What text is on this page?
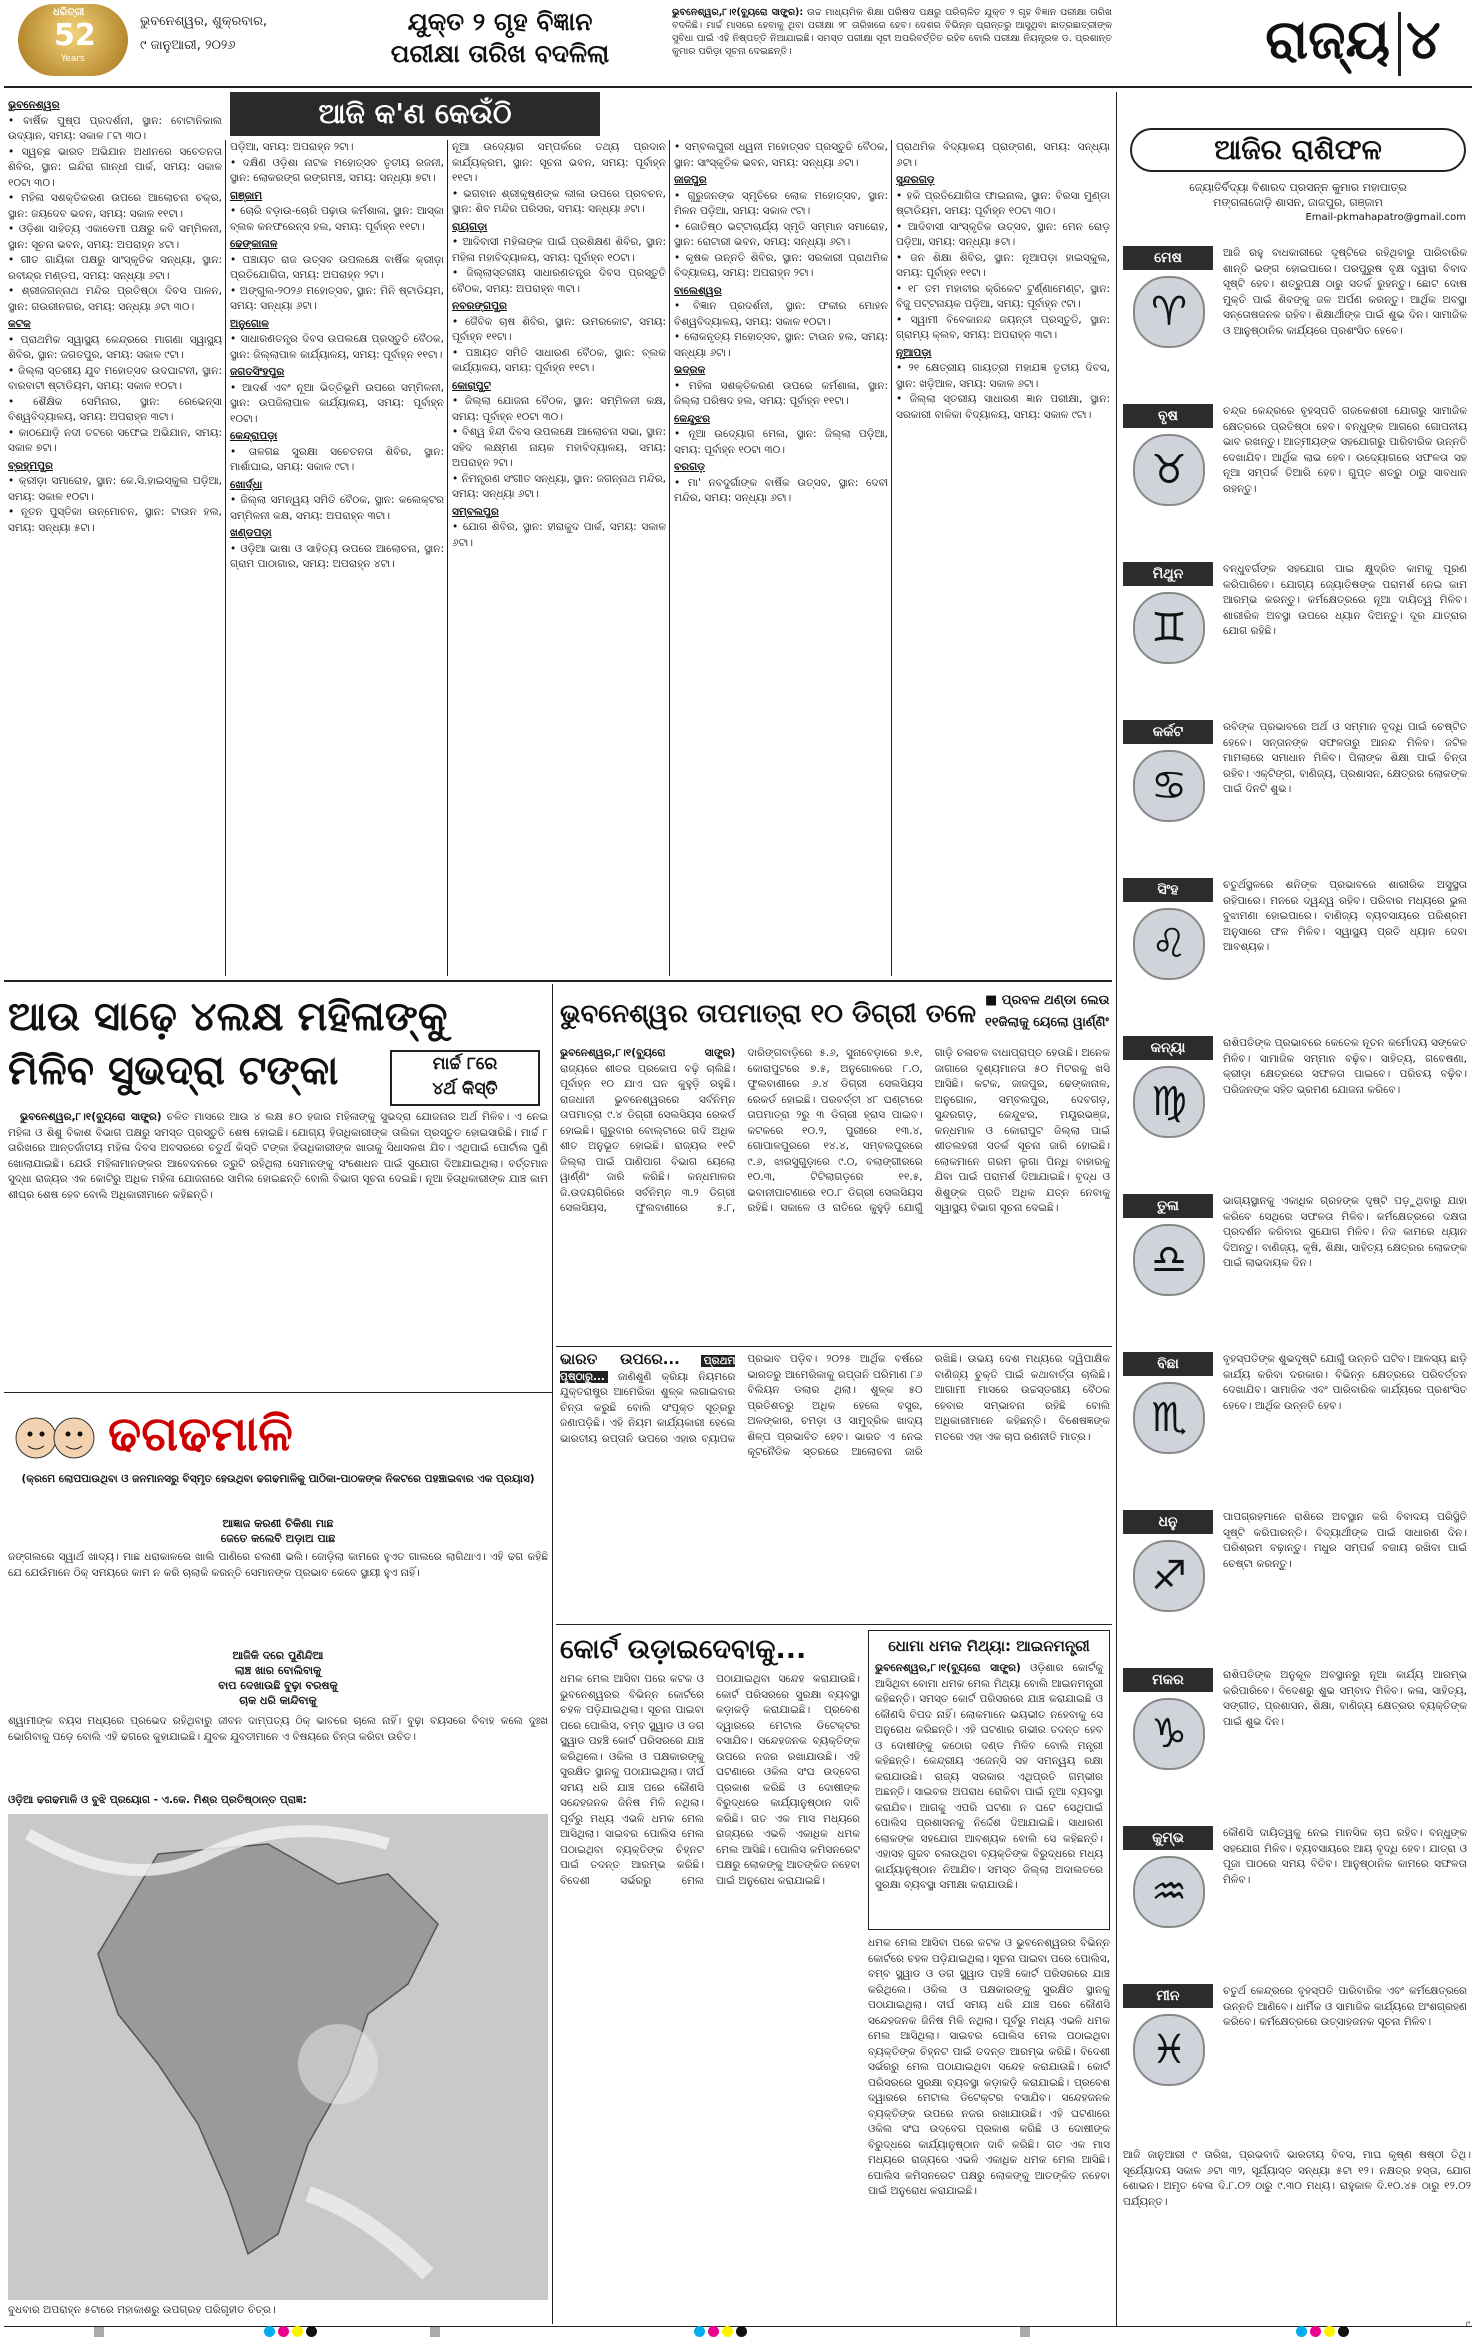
ଧରିତ୍ରୀ
52
Years
ଭୁବନେଶ୍ୱର, ଶୁକ୍ରବାର,
୯ ଜାନୁଆରୀ, ୨୦୨୬
ଯୁକ୍ତ ୨ ଗୃହ ବିଜ୍ଞାନ
ପରୀକ୍ଷା ତାରିଖ ବଦଳିଲା
ଭୁବନେଶ୍ୱର,୮।୧(ବ୍ୟୁରୋ ସାଙ୍କ୍ର): ଉଚ୍ଚ ମାଧ୍ୟମିକ ଶିକ୍ଷା ପରିଷଦ ପକ୍ଷରୁ ପରିଚାଳିତ ଯୁକ୍ତ ୨ ଗୃହ ବିଜ୍ଞାନ ପରୀକ୍ଷା ତାରିଖ ବଦଳିଛି। ମାର୍ଚ୍ଚ ମାସରେ ହେବାକୁ ଥିବା ପରୀକ୍ଷା ୨୮ ତାରିଖରେ ହେବ। ଦେଶର ବିଭିନ୍ନ ପ୍ରାନ୍ତରୁ ଆସୁଥିବା ଛାତ୍ରଛାତ୍ରୀଙ୍କ ସୁବିଧା ପାଇଁ ଏହି ନିଷ୍ପତ୍ତି ନିଆଯାଇଛି। ସମସ୍ତ ପରୀକ୍ଷା ସୂଚୀ ଅପରିବର୍ତ୍ତିତ ରହିବ ବୋଲି ପରୀକ୍ଷା ନିୟନ୍ତ୍ରକ ଡ. ପ୍ରଶାନ୍ତ କୁମାର ପରିଡ଼ା ସୂଚନା ଦେଇଛନ୍ତି।	ରାଜ୍ୟ ୪
ଆଜି କ'ଣ କେଉଁଠି
ଭୁବନେଶ୍ୱର
• ବାର୍ଷିକ ପୁଷ୍ପ ପ୍ରଦର୍ଶନୀ, ସ୍ଥାନ: ବୋଟାନିକାଲ ଉଦ୍ୟାନ, ସମୟ: ସକାଳ ୮ଟା ୩୦।
• ସ୍ୱଚ୍ଛ ଭାରତ ଅଭିଯାନ ଅଧୀନରେ ସଚେତନତା ଶିବିର, ସ୍ଥାନ: ଇନ୍ଦିରା ଗାନ୍ଧୀ ପାର୍କ, ସମୟ: ସକାଳ ୧୦ଟା ୩୦।
• ମହିଳା ସଶକ୍ତିକରଣ ଉପରେ ଆଲୋଚନା ଚକ୍ର, ସ୍ଥାନ: ଜୟଦେବ ଭବନ, ସମୟ: ସକାଳ ୧୧ଟା।
• ଓଡ଼ିଶା ସାହିତ୍ୟ ଏକାଡେମୀ ପକ୍ଷରୁ କବି ସମ୍ମିଳନୀ, ସ୍ଥାନ: ସୂଚନା ଭବନ, ସମୟ: ଅପରାହ୍ନ ୪ଟା।
• ଗୀତ ଗାୟିକା ପକ୍ଷରୁ ସାଂସ୍କୃତିକ ସନ୍ଧ୍ୟା, ସ୍ଥାନ: ରବୀନ୍ଦ୍ର ମଣ୍ଡପ, ସମୟ: ସନ୍ଧ୍ୟା ୬ଟା।
• ଶ୍ରୀଜଗନ୍ନାଥ ମନ୍ଦିର ପ୍ରତିଷ୍ଠା ଦିବସ ପାଳନ, ସ୍ଥାନ: ଗଉରୀନଗର, ସମୟ: ସନ୍ଧ୍ୟା ୬ଟା ୩୦।
କଟକ
• ପ୍ରାଥମିକ ସ୍ୱାସ୍ଥ୍ୟ କେନ୍ଦ୍ରରେ ମାଗଣା ସ୍ୱାସ୍ଥ୍ୟ ଶିବିର, ସ୍ଥାନ: ଜଗତପୁର, ସମୟ: ସକାଳ ୯ଟା।
• ଜିଲ୍ଲା ସ୍ତରୀୟ ଯୁବ ମହୋତ୍ସବ ଉଦଘାଟନୀ, ସ୍ଥାନ: ବାରବାଟୀ ଷ୍ଟାଡିୟମ, ସମୟ: ସକାଳ ୧୦ଟା।
• ଶୈକ୍ଷିକ ସେମିନାର, ସ୍ଥାନ: ରେଭେନ୍ସା ବିଶ୍ୱବିଦ୍ୟାଳୟ, ସମୟ: ଅପରାହ୍ନ ୩ଟା।
• କାଠଯୋଡ଼ି ନଦୀ ତଟରେ ସଫେଇ ଅଭିଯାନ, ସମୟ: ସକାଳ ୭ଟା।
ବ୍ରହ୍ମପୁର
• କ୍ରୀଡ଼ା ସମାରୋହ, ସ୍ଥାନ: କେ.ସି.ହାଇସ୍କୁଲ ପଡ଼ିଆ, ସମୟ: ସକାଳ ୧୦ଟା।
• ନୂତନ ପୁସ୍ତିକା ଉନ୍ମୋଚନ, ସ୍ଥାନ: ଟାଉନ ହଲ, ସମୟ: ସନ୍ଧ୍ୟା ୫ଟା।
ପଡ଼ିଆ, ସମୟ: ଅପରାହ୍ନ ୨ଟା।
• ଦକ୍ଷିଣ ଓଡ଼ିଶା ନାଟକ ମହୋତ୍ସବ ତୃତୀୟ ରଜନୀ, ସ୍ଥାନ: ଲୋକରଙ୍ଗ ରଙ୍ଗମଞ୍ଚ, ସମୟ: ସନ୍ଧ୍ୟା ୭ଟା।
ଗଞ୍ଜାମ
• ଚୋରି ବଡ଼ାଉ-ଚୋରି ପଢ଼ାଉ କର୍ମଶାଳା, ସ୍ଥାନ: ଆସ୍କା ବ୍ଲକ କନଫରେନ୍ସ ହଲ, ସମୟ: ପୂର୍ବାହ୍ନ ୧୧ଟା।
ଢେଙ୍କାନାଳ
• ପଞ୍ଚାୟତ ରାଜ ଉତ୍ସବ ଉପଲକ୍ଷେ ବାର୍ଷିକ କ୍ରୀଡ଼ା ପ୍ରତିଯୋଗିତା, ସମୟ: ଅପରାହ୍ନ ୨ଟା।
• ଅଙ୍ଗୁଲ-୨୦୨୬ ମହୋତ୍ସବ, ସ୍ଥାନ: ମିନି ଷ୍ଟାଡିୟମ, ସମୟ: ସନ୍ଧ୍ୟା ୬ଟା।
ଅନୁଗୋଳ
• ସାଧାରଣତନ୍ତ୍ର ଦିବସ ଉପଲକ୍ଷେ ପ୍ରସ୍ତୁତି ବୈଠକ, ସ୍ଥାନ: ଜିଲ୍ଲାପାଳ କାର୍ଯ୍ୟାଳୟ, ସମୟ: ପୂର୍ବାହ୍ନ ୧୧ଟା।
ଜଗତସିଂହପୁର
• ଆଦର୍ଶ ଏବଂ ନୂଆ ଭିତ୍ତିଭୂମି ଉପରେ ସମ୍ମିଳନୀ, ସ୍ଥାନ: ଉପଜିଲାପାଳ କାର୍ଯ୍ୟାଳୟ, ସମୟ: ପୂର୍ବାହ୍ନ ୧୦ଟା।
କେନ୍ଦ୍ରାପଡ଼ା
• ତାଳଗଛ ସୁରକ୍ଷା ସଚେତନତା ଶିବିର, ସ୍ଥାନ: ମାର୍ଶାଘାଇ, ସମୟ: ସକାଳ ୯ଟା।
ଖୋର୍ଦ୍ଧା
• ଜିଲ୍ଲା ସମନ୍ୱୟ ସମିତି ବୈଠକ, ସ୍ଥାନ: କଲେକ୍ଟର ସମ୍ମିଳନୀ କକ୍ଷ, ସମୟ: ଅପରାହ୍ନ ୩ଟା।
ଖଣ୍ଡପଡ଼ା
• ଓଡ଼ିଆ ଭାଷା ଓ ସାହିତ୍ୟ ଉପରେ ଆଲୋଚନା, ସ୍ଥାନ: ଗ୍ରାମ ପାଠାଗାର, ସମୟ: ଅପରାହ୍ନ ୪ଟା।
ନୂଆ ଉଦ୍ୟୋଗ ସମ୍ପର୍କରେ ତଥ୍ୟ ପ୍ରଦାନ କାର୍ଯ୍ୟକ୍ରମ, ସ୍ଥାନ: ସୂଚନା ଭବନ, ସମୟ: ପୂର୍ବାହ୍ନ ୧୧ଟା।
• ଭଗବାନ ଶ୍ରୀକୃଷ୍ଣଙ୍କ ଲୀଳା ଉପରେ ପ୍ରବଚନ, ସ୍ଥାନ: ଶିବ ମନ୍ଦିର ପରିସର, ସମୟ: ସନ୍ଧ୍ୟା ୬ଟା।
ରାୟଗଡ଼ା
• ଆଦିବାସୀ ମହିଳାଙ୍କ ପାଇଁ ପ୍ରଶିକ୍ଷଣ ଶିବିର, ସ୍ଥାନ: ମହିଳା ମହାବିଦ୍ୟାଳୟ, ସମୟ: ପୂର୍ବାହ୍ନ ୧୦ଟା।
• ଜିଲ୍ଲାସ୍ତରୀୟ ସାଧାରଣତନ୍ତ୍ର ଦିବସ ପ୍ରସ୍ତୁତି ବୈଠକ, ସମୟ: ଅପରାହ୍ନ ୩ଟା।
ନବରଙ୍ଗପୁର
• ଜୈବିକ ଚାଷ ଶିବିର, ସ୍ଥାନ: ଉମରକୋଟ, ସମୟ: ପୂର୍ବାହ୍ନ ୧୧ଟା।
• ପଞ୍ଚାୟତ ସମିତି ସାଧାରଣ ବୈଠକ, ସ୍ଥାନ: ବ୍ଲକ କାର୍ଯ୍ୟାଳୟ, ସମୟ: ପୂର୍ବାହ୍ନ ୧୧ଟା।
କୋରାପୁଟ
• ଜିଲ୍ଲା ଯୋଜନା ବୈଠକ, ସ୍ଥାନ: ସମ୍ମିଳନୀ କକ୍ଷ, ସମୟ: ପୂର୍ବାହ୍ନ ୧୦ଟା ୩୦।
• ବିଶ୍ୱ ହିନ୍ଦୀ ଦିବସ ଉପଲକ୍ଷେ ଆଲୋଚନା ସଭା, ସ୍ଥାନ: ସହିଦ ଲକ୍ଷ୍ମଣ ନାୟକ ମହାବିଦ୍ୟାଳୟ, ସମୟ: ଅପରାହ୍ନ ୨ଟା।
• ନିମନ୍ତ୍ରଣ ସଂଗୀତ ସନ୍ଧ୍ୟା, ସ୍ଥାନ: ଜଗନ୍ନାଥ ମନ୍ଦିର, ସମୟ: ସନ୍ଧ୍ୟା ୬ଟା।
ସମ୍ବଲପୁର
• ଯୋଗ ଶିବିର, ସ୍ଥାନ: ହୀରାକୁଦ ପାର୍କ, ସମୟ: ସକାଳ ୬ଟା।
• ସମ୍ବଲପୁରୀ ଧ୍ୱନୀ ମହୋତ୍ସବ ପ୍ରସ୍ତୁତି ବୈଠକ, ସ୍ଥାନ: ସାଂସ୍କୃତିକ ଭବନ, ସମୟ: ସନ୍ଧ୍ୟା ୬ଟା।
ଜାଜପୁର
• ଗୁରୁଜନଙ୍କ ସ୍ମୃତିରେ ଲୋକ ମହୋତ୍ସବ, ସ୍ଥାନ: ମିଳନ ପଡ଼ିଆ, ସମୟ: ସକାଳ ୯ଟା।
• ଜୋତିଷ୍ଠ ଭଟ୍ଟାଚାର୍ଯ୍ୟ ସ୍ମୃତି ସମ୍ମାନ ସମାରୋହ, ସ୍ଥାନ: ରୋଟାରୀ ଭବନ, ସମୟ: ସନ୍ଧ୍ୟା ୬ଟା।
• କୃଷକ ଉନ୍ନତି ଶିବିର, ସ୍ଥାନ: ସରକାରୀ ପ୍ରାଥମିକ ବିଦ୍ୟାଳୟ, ସମୟ: ଅପରାହ୍ନ ୨ଟା।
ବାଲେଶ୍ୱର
• ବିଜ୍ଞାନ ପ୍ରଦର୍ଶନୀ, ସ୍ଥାନ: ଫକୀର ମୋହନ ବିଶ୍ୱବିଦ୍ୟାଳୟ, ସମୟ: ସକାଳ ୧୦ଟା।
• ଲୋକନୃତ୍ୟ ମହୋତ୍ସବ, ସ୍ଥାନ: ଟାଉନ ହଲ, ସମୟ: ସନ୍ଧ୍ୟା ୬ଟା।
ଭଦ୍ରକ
• ମହିଳା ସଶକ୍ତିକରଣ ଉପରେ କର୍ମଶାଳା, ସ୍ଥାନ: ଜିଲ୍ଲା ପରିଷଦ ହଲ, ସମୟ: ପୂର୍ବାହ୍ନ ୧୧ଟା।
କେନ୍ଦୁଝର
• ନୂଆ ଉଦ୍ୟୋଗ ମେଳା, ସ୍ଥାନ: ଜିଲ୍ଲା ପଡ଼ିଆ, ସମୟ: ପୂର୍ବାହ୍ନ ୧୦ଟା ୩୦।
ବରଗଡ଼
• ମା' ନବଦୁର୍ଗାଙ୍କ ବାର୍ଷିକ ଉତ୍ସବ, ସ୍ଥାନ: ଦେବୀ ମନ୍ଦିର, ସମୟ: ସନ୍ଧ୍ୟା ୬ଟା।
ପ୍ରାଥମିକ ବିଦ୍ୟାଳୟ ପ୍ରାଙ୍ଗଣ, ସମୟ: ସନ୍ଧ୍ୟା ୬ଟା।
ସୁନ୍ଦରଗଡ଼
• ହକି ପ୍ରତିଯୋଗିତା ଫାଇନାଲ, ସ୍ଥାନ: ବିରସା ମୁଣ୍ଡା ଷ୍ଟାଡିୟମ, ସମୟ: ପୂର୍ବାହ୍ନ ୧୦ଟା ୩୦।
• ଆଦିବାସୀ ସାଂସ୍କୃତିକ ଉତ୍ସବ, ସ୍ଥାନ: ମେନ ରୋଡ଼ ପଡ଼ିଆ, ସମୟ: ସନ୍ଧ୍ୟା ୫ଟା।
• ଜନ ଶିକ୍ଷା ଶିବିର, ସ୍ଥାନ: ନୂଆପଡ଼ା ହାଇସ୍କୁଲ, ସମୟ: ପୂର୍ବାହ୍ନ ୧୧ଟା।
• ୧୮ ତମ ମହାବୀର କ୍ରିକେଟ ଟୁର୍ଣ୍ଣାମେଣ୍ଟ, ସ୍ଥାନ: ବିଜୁ ପଟ୍ଟନାୟକ ପଡ଼ିଆ, ସମୟ: ପୂର୍ବାହ୍ନ ୯ଟା।
• ସ୍ୱାମୀ ବିବେକାନନ୍ଦ ଜୟନ୍ତୀ ପ୍ରସ୍ତୁତି, ସ୍ଥାନ: ଗ୍ରାମ୍ୟ କ୍ଲବ, ସମୟ: ଅପରାହ୍ନ ୩ଟା।
ନୂଆପଡ଼ା
• ୨୧ କ୍ଷେତ୍ରୀୟ ଗାୟତ୍ରୀ ମହାଯଜ୍ଞ ତୃତୀୟ ଦିବସ, ସ୍ଥାନ: ଖଡ଼ିଆଳ, ସମୟ: ସକାଳ ୬ଟା।
• ଜିଲ୍ଲା ସ୍ତରୀୟ ସାଧାରଣ ଜ୍ଞାନ ପରୀକ୍ଷା, ସ୍ଥାନ: ସରକାରୀ ବାଳିକା ବିଦ୍ୟାଳୟ, ସମୟ: ସକାଳ ୯ଟା।
ଆଜିର ରାଶିଫଳ
ଜ୍ୟୋତିର୍ବିଦ୍ୟା ବିଶାରଦ ପ୍ରସନ୍ନ କୁମାର ମହାପାତ୍ର
ମଙ୍ଗଳାଜୋଡ଼ି ଶାସନ, ଜାଜପୁର, ଗଞ୍ଜାମ
Email-pkmahapatro@gmail.com
ମେଷ
♈
ଆଜି ରହୁ ବାଧକାରୀରେ ଦୃଷ୍ଟିରେ ରହିଥିବାରୁ ପାରିବାରିକ ଶାନ୍ତି ଭଙ୍ଗ ହୋଇପାରେ। ପରପୁରୁଷ ବୃକ୍ଷ ଦ୍ୱାରା ବିବାଦ ସୃଷ୍ଟି ହେବ। ଶତ୍ରୁପକ୍ଷ ଠାରୁ ସତର୍କ ରୁହନ୍ତୁ। ଛୋଟ ଦୋଷ ମୁକ୍ତି ପାଇଁ ଶିବଙ୍କୁ ଜଳ ଅର୍ପଣ କରନ୍ତୁ। ଆର୍ଥିକ ଅବସ୍ଥା ସନ୍ତୋଷଜନକ ରହିବ। ଶିକ୍ଷାର୍ଥୀଙ୍କ ପାଇଁ ଶୁଭ ଦିନ। ସାମାଜିକ ଓ ଆନୁଷ୍ଠାନିକ କାର୍ଯ୍ୟରେ ପ୍ରଶଂସିତ ହେବେ।
ବୃଷ
♉
ଚନ୍ଦ୍ର କେନ୍ଦ୍ରରେ ବୃହସ୍ପତି ଗଜକେଶରୀ ଯୋଗରୁ ସାମାଜିକ କ୍ଷେତ୍ରରେ ପ୍ରତିଷ୍ଠା ହେବ। ବନ୍ଧୁଙ୍କ ଆଗରେ ଗୋପନୀୟ ଭାବ ରଖନ୍ତୁ। ଆତ୍ମୀୟଙ୍କ ସହଯୋଗରୁ ପାରିବାରିକ ଉନ୍ନତି ଦେଖାଯିବ। ଆର୍ଥିକ ଲାଭ ହେବ। ଉଦ୍ୟୋଗରେ ସଫଳତା ସହ ନୂଆ ସମ୍ପର୍କ ତିଆରି ହେବ। ଗୁପ୍ତ ଶତ୍ରୁ ଠାରୁ ସାବଧାନ ରହନ୍ତୁ।
ମିଥୁନ
♊
ବନ୍ଧୁବର୍ଗଙ୍କ ସହଯୋଗ ପାଇ କ୍ଷୁଦ୍ରିତ କାମକୁ ପୂରଣ କରିପାରିବେ। ଯୋଗ୍ୟ ଜ୍ୟୋତିଷଙ୍କ ପରାମର୍ଶ ନେଇ କାମ ଆରମ୍ଭ କରନ୍ତୁ। କର୍ମକ୍ଷେତ୍ରରେ ନୂଆ ଦାୟିତ୍ୱ ମିଳିବ। ଶାରୀରିକ ଅବସ୍ଥା ଉପରେ ଧ୍ୟାନ ଦିଅନ୍ତୁ। ଦୂର ଯାତ୍ରାର ଯୋଗ ରହିଛି।
କର୍କଟ
♋
ରବିଙ୍କ ପ୍ରଭାବରେ ଅର୍ଥ ଓ ସମ୍ମାନ ବୃଦ୍ଧି ପାଇଁ ଚେଷ୍ଟିତ ହେବେ। ସନ୍ତାନଙ୍କ ସଫଳତାରୁ ଆନନ୍ଦ ମିଳିବ। ଜଟିଳ ମାମଲାରେ ସମାଧାନ ମିଳିବ। ପିଲାଙ୍କ ଶିକ୍ଷା ପାଇଁ ଚିନ୍ତା ରହିବ। ଏକ୍ଟିଙ୍ଗ, ବାଣିଜ୍ୟ, ପ୍ରଶାସନ, କ୍ଷେତ୍ରର ଲୋକଙ୍କ ପାଇଁ ଦିନଟି ଶୁଭ।
ସିଂହ
♌
ଚତୁର୍ଥସ୍ଥଳରେ ଶନିଙ୍କ ପ୍ରଭାବରେ ଶାରୀରିକ ଅସୁସ୍ଥତା ରହିପାରେ। ମନରେ ଦ୍ୱନ୍ଦ୍ୱ ରହିବ। ପରିବାର ମଧ୍ୟରେ ଭୁଲ ବୁଝାମଣା ହୋଇପାରେ। ବାଣିଜ୍ୟ ବ୍ୟବସାୟରେ ପରିଶ୍ରମ ଅନୁସାରେ ଫଳ ମିଳିବ। ସ୍ୱାସ୍ଥ୍ୟ ପ୍ରତି ଧ୍ୟାନ ଦେବା ଆବଶ୍ୟକ।
କନ୍ୟା
♍
ରାଶିପତିଙ୍କ ପ୍ରଭାବରେ କେତେକ ନୂତନ କର୍ମୋଦୟ ସଙ୍କେତ ମିଳିବ। ସାମାଜିକ ସମ୍ମାନ ବଢ଼ିବ। ସାହିତ୍ୟ, ଗବେଷଣା, କ୍ରୀଡ଼ା କ୍ଷେତ୍ରରେ ସଫଳତା ପାଇବେ। ପରିଚୟ ବଢ଼ିବ। ପରିଜନଙ୍କ ସହିତ ଭ୍ରମଣ ଯୋଜନା କରିବେ।
ତୁଳା
♎
ଭାଗ୍ୟସ୍ଥାନକୁ ଏକାଧିକ ଗ୍ରହଙ୍କ ଦୃଷ୍ଟି ପଡ଼ୁଥିବାରୁ ଯାହା କରିବେ ସେଥିରେ ସଫଳତା ମିଳିବ। କର୍ମକ୍ଷେତ୍ରରେ ଦକ୍ଷତା ପ୍ରଦର୍ଶନ କରିବାର ସୁଯୋଗ ମିଳିବ। ନିଜ କାମରେ ଧ୍ୟାନ ଦିଅନ୍ତୁ। ବାଣିଜ୍ୟ, କୃଷି, ଶିକ୍ଷା, ସାହିତ୍ୟ କ୍ଷେତ୍ରର ଲୋକଙ୍କ ପାଇଁ ଲାଭଦାୟକ ଦିନ।
ବିଛା
♏
ବୃହସ୍ପତିଙ୍କ ଶୁଭଦୃଷ୍ଟି ଯୋଗୁଁ ଉନ୍ନତି ଘଟିବ। ଆଳସ୍ୟ ଛାଡ଼ି କାର୍ଯ୍ୟ କରିବା ଦରକାର। ବିଭିନ୍ନ କ୍ଷେତ୍ରରେ ପରିବର୍ତ୍ତନ ଦେଖାଯିବ। ସାମାଜିକ ଏବଂ ପାରିବାରିକ କାର୍ଯ୍ୟରେ ପ୍ରଶଂସିତ ହେବେ। ଆର୍ଥିକ ଉନ୍ନତି ହେବ।
ଧନୁ
♐
ପାପଗ୍ରହମାନେ ରାଶିରେ ଅବସ୍ଥାନ କରି ବିବାଦୟ ପରିସ୍ଥିତି ସୃଷ୍ଟି କରିପାରନ୍ତି। ବିଦ୍ୟାର୍ଥୀଙ୍କ ପାଇଁ ସାଧାରଣ ଦିନ। ପରିଶ୍ରମ ବଢ଼ାନ୍ତୁ। ମଧୁର ସମ୍ପର୍କ ବଜାୟ ରଖିବା ପାଇଁ ଚେଷ୍ଟା କରନ୍ତୁ।
ମକର
♑
ରାଶିପତିଙ୍କ ଅନୁକୂଳ ଅବସ୍ଥାନରୁ ନୂଆ କାର୍ଯ୍ୟ ଆରମ୍ଭ କରିପାରିବେ। ବିଦେଶରୁ ଶୁଭ ସମ୍ବାଦ ମିଳିବ। କଳା, ସାହିତ୍ୟ, ସଙ୍ଗୀତ, ପ୍ରଶାସନ, ଶିକ୍ଷା, ବାଣିଜ୍ୟ କ୍ଷେତ୍ରର ବ୍ୟକ୍ତିଙ୍କ ପାଇଁ ଶୁଭ ଦିନ।
କୁମ୍ଭ
♒
କୌଣସି ଦାୟିତ୍ୱକୁ ନେଇ ମାନସିକ ଚାପ ରହିବ। ବନ୍ଧୁଙ୍କ ସହଯୋଗ ମିଳିବ। ବ୍ୟବସାୟରେ ଆୟ ବୃଦ୍ଧି ହେବ। ଯାତ୍ରା ଓ ପୂଜା ପାଠରେ ସମୟ ବିତିବ। ଆନୁଷ୍ଠାନିକ କାମରେ ସଫଳତା ମିଳିବ।
ମୀନ
♓
ଚତୁର୍ଥ କେନ୍ଦ୍ରରେ ବୃହସ୍ପତି ପାରିବାରିକ ଏବଂ କର୍ମକ୍ଷେତ୍ରରେ ଉନ୍ନତି ଆଣିବେ। ଧାର୍ମିକ ଓ ସାମାଜିକ କାର୍ଯ୍ୟରେ ଅଂଶଗ୍ରହଣ କରିବେ। କର୍ମକ୍ଷେତ୍ରରେ ଉତ୍ସାହଜନକ ସୂଚନା ମିଳିବ।
ଆଜି ଜାନୁଆରୀ ୯ ତାରିଖ, ପ୍ରଭବାଦି ଭାରତୀୟ ବିବସ, ମାଘ କୃଷ୍ଣ ଷଷ୍ଠୀ ତିଥି। ସୂର୍ଯ୍ୟୋଦୟ ସକାଳ ୬ଟା ୩୨, ସୂର୍ଯ୍ୟାସ୍ତ ସନ୍ଧ୍ୟା ୫ଟା ୧୨। ନକ୍ଷତ୍ର ହସ୍ତା, ଯୋଗ ଶୋଭନ। ଅମୃତ ବେଳା ଦି.୮.୦୨ ଠାରୁ ୯.୩୦ ମଧ୍ୟ। ରାହୁକାଳ ଦି.୧୦.୪୫ ଠାରୁ ୧୨.୦୨ ପର୍ଯ୍ୟନ୍ତ।
ଆଉ ସାଢ଼େ ୪ଲକ୍ଷ ମହିଳାଙ୍କୁ
ମିଳିବ ସୁଭଦ୍ରା ଟଙ୍କା	ମାର୍ଚ୍ଚ ୮ରେ
୪ର୍ଥ କିସ୍ତି
ଭୁବନେଶ୍ୱର,୮।୧(ବ୍ୟୁରୋ ସାଙ୍କ୍ର) ଚଳିତ ମାସରେ ଆଉ ୪ ଲକ୍ଷ ୫୦ ହଜାର ମହିଳାଙ୍କୁ ସୁଭଦ୍ରା ଯୋଜନାର ଅର୍ଥ ମିଳିବ। ଏ ନେଇ ମହିଳା ଓ ଶିଶୁ ବିକାଶ ବିଭାଗ ପକ୍ଷରୁ ସମସ୍ତ ପ୍ରସ୍ତୁତି ଶେଷ ହୋଇଛି। ଯୋଗ୍ୟ ହିତାଧିକାରୀଙ୍କ ତାଲିକା ପ୍ରସ୍ତୁତ ହୋଇସାରିଛି। ମାର୍ଚ୍ଚ ୮ ତାରିଖରେ ଆନ୍ତର୍ଜାତୀୟ ମହିଳା ଦିବସ ଅବସରରେ ଚତୁର୍ଥ କିସ୍ତି ଟଙ୍କା ହିତାଧିକାରୀଙ୍କ ଖାତାକୁ ସିଧାସଳଖ ଯିବ। ଏଥିପାଇଁ ପୋର୍ଟାଲ ପୁଣି ଖୋଲାଯାଇଛି। ଯେଉଁ ମହିଳାମାନଙ୍କର ଆବେଦନରେ ତ୍ରୁଟି ରହିଥିଲା ସେମାନଙ୍କୁ ସଂଶୋଧନ ପାଇଁ ସୁଯୋଗ ଦିଆଯାଇଥିଲା। ବର୍ତ୍ତମାନ ସୁଦ୍ଧା ରାଜ୍ୟର ଏକ କୋଟିରୁ ଅଧିକ ମହିଳା ଯୋଜନାରେ ସାମିଲ ହୋଇଛନ୍ତି ବୋଲି ବିଭାଗ ସୂଚନା ଦେଇଛି। ନୂଆ ହିତାଧିକାରୀଙ୍କ ଯାଞ୍ଚ କାମ ଶୀଘ୍ର ଶେଷ ହେବ ବୋଲି ଅଧିକାରୀମାନେ କହିଛନ୍ତି।
ଢଗଢମାଳି
(କ୍ରମେ ଲୋପପାଉଥିବା ଓ ଜନମାନସରୁ ବିସ୍ମୃତ ହେଉଥିବା ଢଗଢମାଳିକୁ ପାଠିକା-ପାଠକଙ୍କ ନିକଟରେ ପହଞ୍ଚାଇବାର ଏକ ପ୍ରୟାସ)
ଆଜ୍ଞାଜ କରଣୀ ଚିକିଣା ମାଛ
ଜେତେ କଲେବି ଅଡ଼ାଅ ପାଛ
ଜଙ୍ଗଲରେ ସ୍ୱାର୍ଥ ଖାଦ୍ୟ। ମାଛ ଧରାକାଳରେ ଖାଲି ପାଣିରେ ଚଲଣୀ ଭଲି। ଜୋଡ଼ିଲା କାମରେ ହୁଏତ ଗାଲରେ ଲାଗିଥାଏ। ଏହି ଢଗ କହିଛି ଯେ ଯେଉଁମାନେ ଠିକ୍ ସମୟରେ କାମ ନ କରି ଚାଲାକି କରନ୍ତି ସେମାନଙ୍କ ପ୍ରଭାବ କେବେ ସ୍ଥାୟୀ ହୁଏ ନାହିଁ।
ଆଜିକି ଦରେ ପୁଣିନ୍ଦିଆ
ଲାଞ୍ଚ ଖାର ବୋଲିବାକୁ
ବାପ ଦେଖାଉଛି ବୁଢ଼ା ବରଷକୁ
ଚାକ ଧରି କାନ୍ଦିବାକୁ
ଶ୍ୱାମୀଙ୍କ ବୟସ ମଧ୍ୟରେ ପ୍ରଭେଦ ରହିଥିବାରୁ ଜୀବନ ଦାମ୍ପତ୍ୟ ଠିକ୍ ଭାବରେ ଚାଲେ ନାହିଁ। ବୁଢ଼ା ବୟସରେ ବିବାହ କଲେ ଦୁଃଖ ଭୋଗିବାକୁ ପଡ଼େ ବୋଲି ଏହି ଢଗରେ କୁହାଯାଇଛି। ଯୁବକ ଯୁବତୀମାନେ ଏ ବିଷୟରେ ଚିନ୍ତା କରିବା ଉଚିତ।
ଓଡ଼ିଆ ଢଗଢମାଳି ଓ ବୁଝି ପ୍ରୟୋଗ - ଏ.କେ. ମିଶ୍ର ପ୍ରତିଷ୍ଠାନ୍ତ ପ୍ରାଜ୍ଞ:
ବୁଧବାର ଅପରାହ୍ନ ୫ଟାରେ ମହାକାଶରୁ ଉପଗ୍ରହ ପରିଗୃହୀତ ଚିତ୍ର।
ଭୁବନେଶ୍ୱର ତାପମାତ୍ରା ୧୦ ଡିଗ୍ରୀ ତଳେ ■ ପ୍ରବଳ ଥଣ୍ଡା ଲେଉ
୧୧ଜିଲାକୁ ୟେଲୋ ୱାର୍ଣ୍ଣିଂ
ଭୁବନେଶ୍ୱର,୮।୧(ବ୍ୟୁରୋ ସାଙ୍କ୍ର) ରାଜ୍ୟରେ ଶୀତର ପ୍ରକୋପ ବଢ଼ି ଚାଲିଛି। ପୂର୍ବାହ୍ନ ୧୦ ଯାଏ ଘନ କୁହୁଡ଼ି ରହୁଛି। ରାଜଧାନୀ ଭୁବନେଶ୍ୱରରେ ସର୍ବନିମ୍ନ ତାପମାତ୍ରା ୯.୪ ଡିଗ୍ରୀ ସେଲସିୟସ ରେକର୍ଡ ହୋଇଛି। ଗୁରୁବାର ବୋଲ୍ଟାରେ ଗଦି ଅଧିକ ଶୀତ ଅନୁଭୂତ ହୋଇଛି। ରାଜ୍ୟର ୧୧ଟି ଜିଲ୍ଲା ପାଇଁ ପାଣିପାଗ ବିଭାଗ ୟେଲୋ ୱାର୍ଣ୍ଣିଂ ଜାରି କରିଛି। କନ୍ଧମାଳର ଜି.ଉଦୟଗିରିରେ ସର୍ବନିମ୍ନ ୩.୨ ଡିଗ୍ରୀ ସେଲସିୟସ, ଫୁଲବାଣୀରେ ୫.୮, ଦାରିଙ୍ଗବାଡ଼ିରେ ୫.୬, ସୁନାବେଡ଼ାରେ ୭.୧, କୋରାପୁଟରେ ୭.୫, ଅନୁଗୋଳରେ ୮.୦, ଫୁଲବାଣୀରେ ୬.୪ ଡିଗ୍ରୀ ସେଲସିୟସ ରେକର୍ଡ ହୋଇଛି। ପରବର୍ତ୍ତୀ ୪୮ ଘଣ୍ଟାରେ ତାପମାତ୍ରା ୨ରୁ ୩ ଡିଗ୍ରୀ ହ୍ରାସ ପାଇବ। କଟକରେ ୧୦.୨, ପୁରୀରେ ୧୩.୪, ଗୋପାଳପୁରରେ ୧୪.୪, ସମ୍ବଲପୁରରେ ୯.୬, ଝାରସୁଗୁଡ଼ାରେ ୯.୦, ବଲାଙ୍ଗୀରରେ ୧୦.୩, ଟିଟିଲାଗଡ଼ରେ ୧୧.୫, ଭବାନୀପାଟଣାରେ ୧୦.୮ ଡିଗ୍ରୀ ସେଲସିୟସ ରହିଛି। ସକାଳେ ଓ ରାତିରେ କୁହୁଡ଼ି ଯୋଗୁଁ ଗାଡ଼ି ଚଳାଚଳ ବାଧାପ୍ରାପ୍ତ ହେଉଛି। ଅନେକ ଜାଗାରେ ଦୃଶ୍ୟମାନତା ୫୦ ମିଟରକୁ ଖସି ଆସିଛି। କଟକ, ଜାଜପୁର, ଢେଙ୍କାନାଳ, ଅନୁଗୋଳ, ସମ୍ବଲପୁର, ଦେବଗଡ଼, ସୁନ୍ଦରଗଡ଼, କେନ୍ଦୁଝର, ମୟୂରଭଞ୍ଜ, କନ୍ଧମାଳ ଓ କୋରାପୁଟ ଜିଲ୍ଲା ପାଇଁ ଶୀତଲହରୀ ସତର୍କ ସୂଚନା ଜାରି ହୋଇଛି। ଲୋକମାନେ ଗରମ ଲୁଗା ପିନ୍ଧି ବାହାରକୁ ଯିବା ପାଇଁ ପରାମର୍ଶ ଦିଆଯାଇଛି। ବୃଦ୍ଧ ଓ ଶିଶୁଙ୍କ ପ୍ରତି ଅଧିକ ଯତ୍ନ ନେବାକୁ ସ୍ୱାସ୍ଥ୍ୟ ବିଭାଗ ସୂଚନା ଦେଇଛି।
ଭାରତ ଉପରେ... ପ୍ରଥମ ପୃଷ୍ଠାରୁ... ଜାଣିଶୁଣି କ୍ରିୟା ନିୟମରେ ଯୁକ୍ତରାଷ୍ଟ୍ର ଆମେରିକା ଶୁଳ୍କ ଲଗାଇବାର ଚିନ୍ତା କରୁଛି ବୋଲି ସଂପୃକ୍ତ ସୂତ୍ରରୁ ଜଣାପଡ଼ିଛି। ଏହି ନିୟମ କାର୍ଯ୍ୟକାରୀ ହେଲେ ଭାରତୀୟ ରପ୍ତାନି ଉପରେ ଏହାର ବ୍ୟାପକ ପ୍ରଭାବ ପଡ଼ିବ। ୨୦୨୫ ଆର୍ଥିକ ବର୍ଷରେ ଭାରତରୁ ଆମେରିକାକୁ ରପ୍ତାନି ପରିମାଣ ୮୬ ବିଲିୟନ ଡଲାର ଥିଲା। ଶୁଳ୍କ ୫୦ ପ୍ରତିଶତରୁ ଅଧିକ ହେଲେ ବସ୍ତ୍ର, ଅଳଙ୍କାର, ଚମଡ଼ା ଓ ସାମୁଦ୍ରିକ ଖାଦ୍ୟ ଶିଳ୍ପ ପ୍ରଭାବିତ ହେବ। ଭାରତ ଏ ନେଇ କୂଟନୈତିକ ସ୍ତରରେ ଆଲୋଚନା ଜାରି ରଖିଛି। ଉଭୟ ଦେଶ ମଧ୍ୟରେ ଦ୍ୱିପାକ୍ଷିକ ବାଣିଜ୍ୟ ଚୁକ୍ତି ପାଇଁ କଥାବାର୍ତ୍ତା ଚାଲିଛି। ଆଗାମୀ ମାସରେ ଉଚ୍ଚସ୍ତରୀୟ ବୈଠକ ହେବାର ସମ୍ଭାବନା ରହିଛି ବୋଲି ଅଧିକାରୀମାନେ କହିଛନ୍ତି। ବିଶେଷଜ୍ଞଙ୍କ ମତରେ ଏହା ଏକ ଚାପ ରଣନୀତି ମାତ୍ର।
କୋର୍ଟ ଉଡ଼ାଇଦେବାକୁ...
ଧମକ ମେଲ ଆସିବା ପରେ କଟକ ଓ ଭୁବନେଶ୍ୱରର ବିଭିନ୍ନ କୋର୍ଟରେ ଚହଳ ପଡ଼ିଯାଇଥିଲା। ସୂଚନା ପାଇବା ପରେ ପୋଲିସ, ବମ୍ବ ସ୍କ୍ୱାଡ ଓ ଡଗ ସ୍କ୍ୱାଡ ପହଞ୍ଚି କୋର୍ଟ ପରିସରରେ ଯାଞ୍ଚ କରିଥିଲେ। ଓକିଲ ଓ ପକ୍ଷକାରଙ୍କୁ ସୁରକ୍ଷିତ ସ୍ଥାନକୁ ପଠାଯାଇଥିଲା। ଦୀର୍ଘ ସମୟ ଧରି ଯାଞ୍ଚ ପରେ କୌଣସି ସନ୍ଦେହଜନକ ଜିନିଷ ମିଳି ନଥିଲା। ପୂର୍ବରୁ ମଧ୍ୟ ଏଭଳି ଧମକ ମେଲ ଆସିଥିଲା। ସାଇବର ପୋଲିସ ମେଲ ପଠାଇଥିବା ବ୍ୟକ୍ତିଙ୍କ ଚିହ୍ନଟ ପାଇଁ ତଦନ୍ତ ଆରମ୍ଭ କରିଛି। ବିଦେଶୀ ସର୍ଭରରୁ ମେଲ ପଠାଯାଇଥିବା ସନ୍ଦେହ କରାଯାଉଛି। କୋର୍ଟ ପରିସରରେ ସୁରକ୍ଷା ବ୍ୟବସ୍ଥା କଡ଼ାକଡ଼ି କରାଯାଇଛି। ପ୍ରବେଶ ଦ୍ୱାରରେ ମେଟାଲ ଡିଟେକ୍ଟର ବସାଯିବ। ସନ୍ଦେହଜନକ ବ୍ୟକ୍ତିଙ୍କ ଉପରେ ନଜର ରଖାଯାଉଛି। ଏହି ଘଟଣାରେ ଓକିଲ ସଂଘ ଉଦ୍ବେଗ ପ୍ରକାଶ କରିଛି ଓ ଦୋଷୀଙ୍କ ବିରୁଦ୍ଧରେ କାର୍ଯ୍ୟାନୁଷ୍ଠାନ ଦାବି କରିଛି। ଗତ ଏକ ମାସ ମଧ୍ୟରେ ରାଜ୍ୟରେ ଏଭଳି ଏକାଧିକ ଧମକ ମେଲ ଆସିଛି। ପୋଲିସ କମିସନରେଟ ପକ୍ଷରୁ ଲୋକଙ୍କୁ ଆତଙ୍କିତ ନହେବା ପାଇଁ ଅନୁରୋଧ କରାଯାଇଛି।
ଧୋମା ଧମକ ମିଥ୍ୟା: ଆଇନମନ୍ତ୍ରୀ
ଭୁବନେଶ୍ୱର,୮।୧(ବ୍ୟୁରୋ ସାଙ୍କ୍ର) ଓଡ଼ିଶାର କୋର୍ଟକୁ ଆସିଥିବା ବୋମା ଧମକ ମେଲ ମିଥ୍ୟା ବୋଲି ଆଇନମନ୍ତ୍ରୀ କହିଛନ୍ତି। ସମସ୍ତ କୋର୍ଟ ପରିସରରେ ଯାଞ୍ଚ କରାଯାଇଛି ଓ କୌଣସି ବିପଦ ନାହିଁ। ଲୋକମାନେ ଭୟଭୀତ ନହେବାକୁ ସେ ଅନୁରୋଧ କରିଛନ୍ତି। ଏହି ଘଟଣାର ଗଭୀର ତଦନ୍ତ ହେବ ଓ ଦୋଷୀଙ୍କୁ କଠୋର ଦଣ୍ଡ ମିଳିବ ବୋଲି ମନ୍ତ୍ରୀ କହିଛନ୍ତି। କେନ୍ଦ୍ରୀୟ ଏଜେନ୍ସି ସହ ସମନ୍ୱୟ ରକ୍ଷା କରାଯାଉଛି। ରାଜ୍ୟ ସରକାର ଏଥିପ୍ରତି ଗମ୍ଭୀର ଅଛନ୍ତି। ସାଇବର ଅପରାଧ ରୋକିବା ପାଇଁ ନୂଆ ବ୍ୟବସ୍ଥା କରାଯିବ। ଆଗକୁ ଏପରି ଘଟଣା ନ ଘଟେ ସେଥିପାଇଁ ପୋଲିସ ପ୍ରଶାସନକୁ ନିର୍ଦ୍ଦେଶ ଦିଆଯାଇଛି। ସାଧାରଣ ଲୋକଙ୍କ ସହଯୋଗ ଆବଶ୍ୟକ ବୋଲି ସେ କହିଛନ୍ତି। ଏହାସହ ଗୁଜବ ଚଳାଉଥିବା ବ୍ୟକ୍ତିଙ୍କ ବିରୁଦ୍ଧରେ ମଧ୍ୟ କାର୍ଯ୍ୟାନୁଷ୍ଠାନ ନିଆଯିବ। ସମସ୍ତ ଜିଲ୍ଲା ଅଦାଲତରେ ସୁରକ୍ଷା ବ୍ୟବସ୍ଥା ସମୀକ୍ଷା କରାଯାଉଛି।
ଧମକ ମେଲ ଆସିବା ପରେ କଟକ ଓ ଭୁବନେଶ୍ୱରର ବିଭିନ୍ନ କୋର୍ଟରେ ଚହଳ ପଡ଼ିଯାଇଥିଲା। ସୂଚନା ପାଇବା ପରେ ପୋଲିସ, ବମ୍ବ ସ୍କ୍ୱାଡ ଓ ଡଗ ସ୍କ୍ୱାଡ ପହଞ୍ଚି କୋର୍ଟ ପରିସରରେ ଯାଞ୍ଚ କରିଥିଲେ। ଓକିଲ ଓ ପକ୍ଷକାରଙ୍କୁ ସୁରକ୍ଷିତ ସ୍ଥାନକୁ ପଠାଯାଇଥିଲା। ଦୀର୍ଘ ସମୟ ଧରି ଯାଞ୍ଚ ପରେ କୌଣସି ସନ୍ଦେହଜନକ ଜିନିଷ ମିଳି ନଥିଲା। ପୂର୍ବରୁ ମଧ୍ୟ ଏଭଳି ଧମକ ମେଲ ଆସିଥିଲା। ସାଇବର ପୋଲିସ ମେଲ ପଠାଇଥିବା ବ୍ୟକ୍ତିଙ୍କ ଚିହ୍ନଟ ପାଇଁ ତଦନ୍ତ ଆରମ୍ଭ କରିଛି। ବିଦେଶୀ ସର୍ଭରରୁ ମେଲ ପଠାଯାଇଥିବା ସନ୍ଦେହ କରାଯାଉଛି। କୋର୍ଟ ପରିସରରେ ସୁରକ୍ଷା ବ୍ୟବସ୍ଥା କଡ଼ାକଡ଼ି କରାଯାଇଛି। ପ୍ରବେଶ ଦ୍ୱାରରେ ମେଟାଲ ଡିଟେକ୍ଟର ବସାଯିବ। ସନ୍ଦେହଜନକ ବ୍ୟକ୍ତିଙ୍କ ଉପରେ ନଜର ରଖାଯାଉଛି। ଏହି ଘଟଣାରେ ଓକିଲ ସଂଘ ଉଦ୍ବେଗ ପ୍ରକାଶ କରିଛି ଓ ଦୋଷୀଙ୍କ ବିରୁଦ୍ଧରେ କାର୍ଯ୍ୟାନୁଷ୍ଠାନ ଦାବି କରିଛି। ଗତ ଏକ ମାସ ମଧ୍ୟରେ ରାଜ୍ୟରେ ଏଭଳି ଏକାଧିକ ଧମକ ମେଲ ଆସିଛି। ପୋଲିସ କମିସନରେଟ ପକ୍ଷରୁ ଲୋକଙ୍କୁ ଆତଙ୍କିତ ନହେବା ପାଇଁ ଅନୁରୋଧ କରାଯାଇଛି।
୯
